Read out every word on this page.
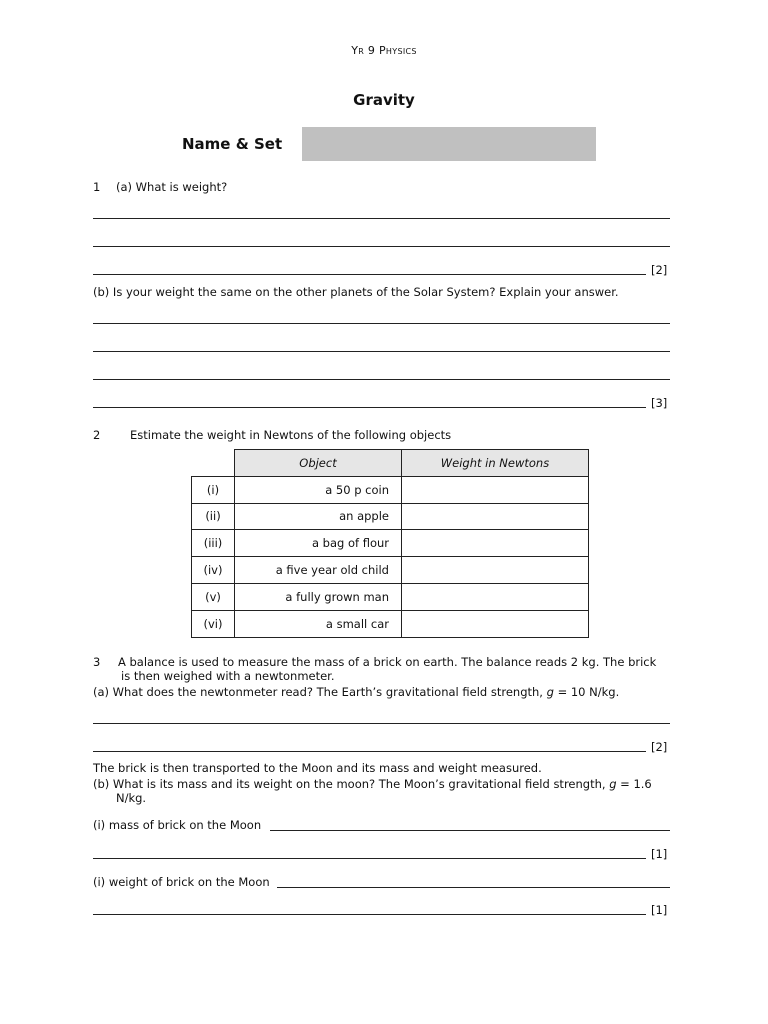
Yr 9 Physics
Gravity
Name & Set
1 (a) What is weight?
[2]
(b) Is your weight the same on the other planets of the Solar System? Explain your answer.
[3]
2	Estimate the weight in Newtons of the following objects
	Object	Weight in Newtons
(i)	a 50 p coin	
(ii)	an apple	
(iii)	a bag of flour	
(iv)	a five year old child	
(v)	a fully grown man	
(vi)	a small car	
3 A balance is used to measure the mass of a brick on earth. The balance reads 2 kg. The brick
is then weighed with a newtonmeter.
(a) What does the newtonmeter read? The Earth’s gravitational field strength, g = 10 N/kg.
[2]
The brick is then transported to the Moon and its mass and weight measured.
(b) What is its mass and its weight on the moon? The Moon’s gravitational field strength, g = 1.6
N/kg.
(i) mass of brick on the Moon
[1]
(i) weight of brick on the Moon
[1]
